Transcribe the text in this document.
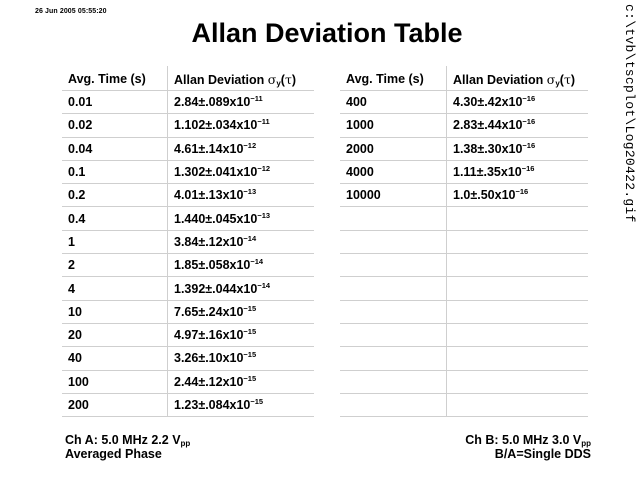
26 Jun 2005 05:55:20	c:\tvb\tscplot\Log20422.gif
Allan Deviation Table
Avg. Time (s)	Allan Deviation $\sigma_y(\tau)$
0.01	$2.84\pm.089x10^{-11}$
0.02	$1.102\pm.034x10^{-11}$
0.04	$4.61\pm.14x10^{-12}$
0.1	$1.302\pm.041x10^{-12}$
0.2	$4.01\pm.13x10^{-13}$
0.4	$1.440\pm.045x10^{-13}$
1	$3.84\pm.12x10^{-14}$
2	$1.85\pm.058x10^{-14}$
4	$1.392\pm.044x10^{-14}$
10	$7.65\pm.24x10^{-15}$
20	$4.97\pm.16x10^{-15}$
40	$3.26\pm.10x10^{-15}$
100	$2.44\pm.12x10^{-15}$
200	$1.23\pm.084x10^{-15}$
Avg. Time (s)	Allan Deviation $\sigma_y(\tau)$
400	$4.30\pm.42x10^{-16}$
1000	$2.83\pm.44x10^{-16}$
2000	$1.38\pm.30x10^{-16}$
4000	$1.11\pm.35x10^{-16}$
10000	$1.0\pm.50x10^{-16}$

Ch A: 5.0 MHz 2.2 $V_{pp}$
Averaged Phase
Ch B: 5.0 MHz 3.0 $V_{pp}$
B/A=Single DDS
